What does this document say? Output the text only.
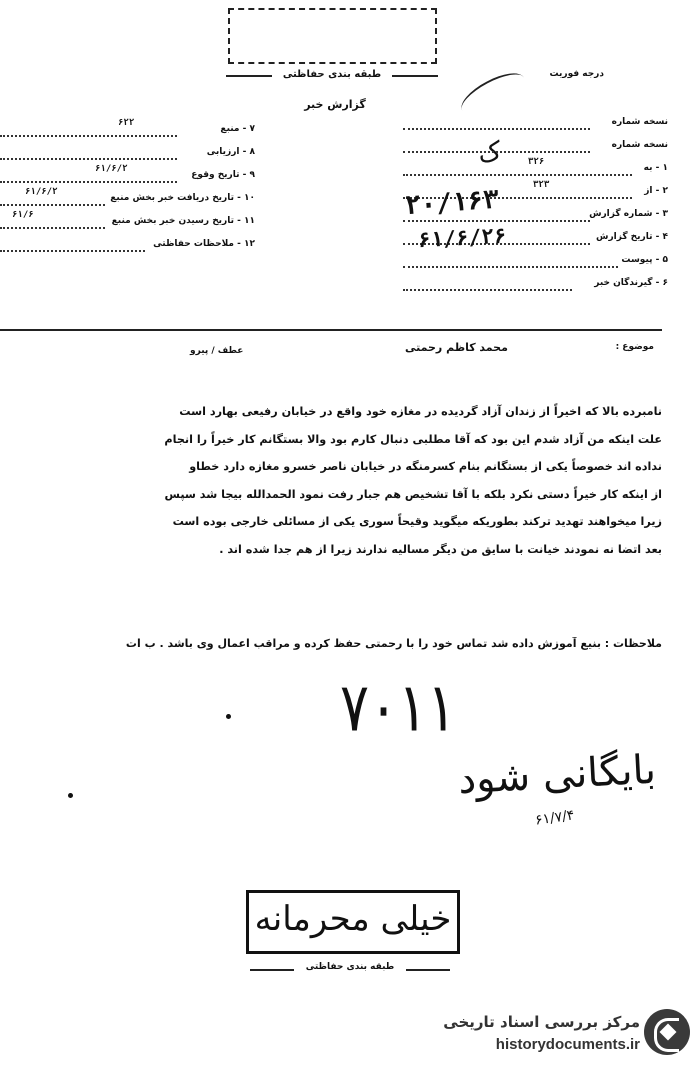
طبقه بندی حفاظتی	درجه فوریت
گزارش خبر
ک
۷ - منبع
۶۲۲
۸ - ارزیابی
۹ - تاریخ وقوع
۶۱/۶/۲
۱۰ - تاریخ دریافت خبر بخش منبع
۶۱/۶/۲
۱۱ - تاریخ رسیدن خبر بخش منبع
۶۱/۶
۱۲ - ملاحظات حفاظتی
نسخه شماره
نسخه شماره
۱ - به
۳۲۶
۲ - از
۳۲۳
۳ - شماره گزارش
۴ - تاریخ گزارش
۵ - پیوست
۶ - گیرندگان خبر
۲۰/۱۶۳
۶۱/۶/۲۶
موضوع :
محمد کاظم رحمتی
عطف / پیرو
نامبرده بالا که اخیراً از زندان آزاد گردیده در مغازه خود واقع در خیابان رفیعی بهارد است
علت اینکه من آزاد شدم این بود که آقا مطلبی دنبال کارم بود والا بستگانم کار خیراً را انجام
نداده اند خصوصاً یکی از بستگانم بنام کسرمنگه در خیابان ناصر خسرو مغازه دارد خطاو
از اینکه کار خیراً دستی نکرد بلکه با آقا تشخیص هم جبار رفت نمود الحمدالله بیجا شد سپس
زیرا میخواهند تهدید ترکند بطوریکه میگوید وقیحاً سوری یکی از مسائلی خارجی بوده است
بعد اتضا نه نمودند خیانت با سایق من دیگر مسالیه ندارند زیرا از هم جدا شده اند .
ملاحظات : بنیع آموزش داده شد تماس خود را با رحمتی حفظ کرده و مراقب اعمال وی باشد . ب ات
۷۰۱۱
بایگانی شود
۶۱/۷/۴
خیلی محرمانه
طبقه بندی حفاظتی
مرکز بررسی اسناد تاریخی
historydocuments.ir
